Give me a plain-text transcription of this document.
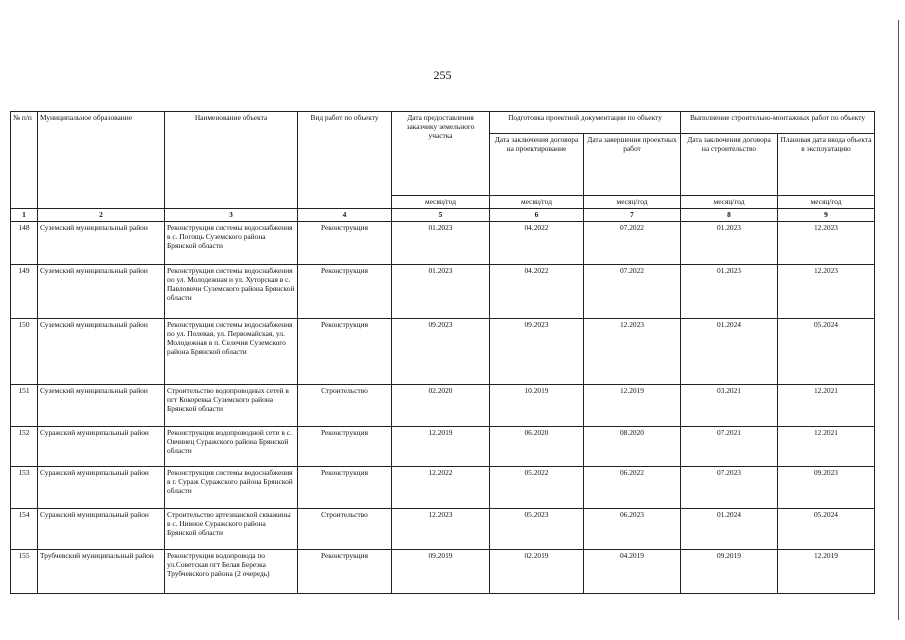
255
№ п/п	Муниципальное образование	Наименование объекта	Вид работ по объекту	Дата предоставления заказчику земельного участка	Подготовка проектной документации по объекту		Выполнение строительно-монтажных работ по объекту	
					Дата заключения договора на проектирование	Дата завершения проектных работ	Дата заключения договора на строительство	Плановая дата ввода объекта в эксплуатацию
				месяц/год	месяц/год	месяц/год	месяц/год	месяц/год
1	2	3	4	5	6	7	8	9
148	Суземский муниципальный район	Реконструкция системы водоснабжения в с. Погощь Суземского района Брянской области	Реконструкция	01.2023	04.2022	07.2022	01.2023	12.2023
149	Суземский муниципальный район	Реконструкция системы водоснабжения по ул. Молодежная и ул. Хуторская в с. Павловичи Суземского района Брянской области	Реконструкция	01.2023	04.2022	07.2022	01.2023	12.2023
150	Суземский муниципальный район	Реконструкция системы водоснабжения по ул. Полевая, ул. Первомайская, ул. Молодежная в п. Селечня Суземского района Брянской области	Реконструкция	09.2023	09.2023	12.2023	01.2024	05.2024
151	Суземский муниципальный район	Строительство водопроводных сетей в пгт Кокоревка Суземского района Брянской области	Строительство	02.2020	10.2019	12.2019	03.2021	12.2021
152	Суражский муниципальный район	Реконструкция водопроводной сети в с. Овчинец Суражского района Брянской области	Реконструкция	12.2019	06.2020	08.2020	07.2021	12.2021
153	Суражский муниципальный район	Реконструкция системы водоснабжения в г. Сураж Суражского района Брянской области	Реконструкция	12.2022	05.2022	06.2022	07.2023	09.2023
154	Суражский муниципальный район	Строительство артезианской скважины в с. Нивное Суражского района Брянской области	Строительство	12.2023	05.2023	06.2023	01.2024	05.2024
155	Трубчевский муниципальный район	Реконструкция водопровода по ул.Советская пгт Белая Березка Трубчевского района (2 очередь)	Реконструкция	09.2019	02.2019	04.2019	09.2019	12.2019
